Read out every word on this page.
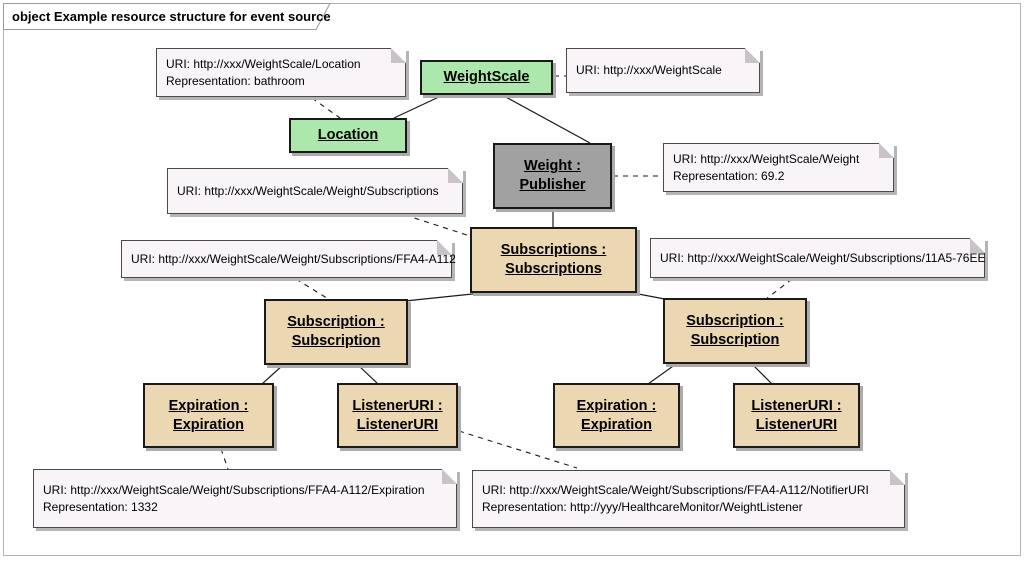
object Example resource structure for event source
WeightScale
Location
Weight :
Publisher
Subscriptions :
Subscriptions
Subscription :
Subscription
Subscription :
Subscription
Expiration :
Expiration
ListenerURI :
ListenerURI
Expiration :
Expiration
ListenerURI :
ListenerURI
URI: http://xxx/WeightScale/Location
Representation: bathroom
URI: http://xxx/WeightScale
URI: http://xxx/WeightScale/Weight
Representation: 69.2
URI: http://xxx/WeightScale/Weight/Subscriptions
URI: http://xxx/WeightScale/Weight/Subscriptions/FFA4-A112	URI: http://xxx/WeightScale/Weight/Subscriptions/11A5-76EE
URI: http://xxx/WeightScale/Weight/Subscriptions/FFA4-A112/Expiration
Representation: 1332
URI: http://xxx/WeightScale/Weight/Subscriptions/FFA4-A112/NotifierURI
Representation: http://yyy/HealthcareMonitor/WeightListener
